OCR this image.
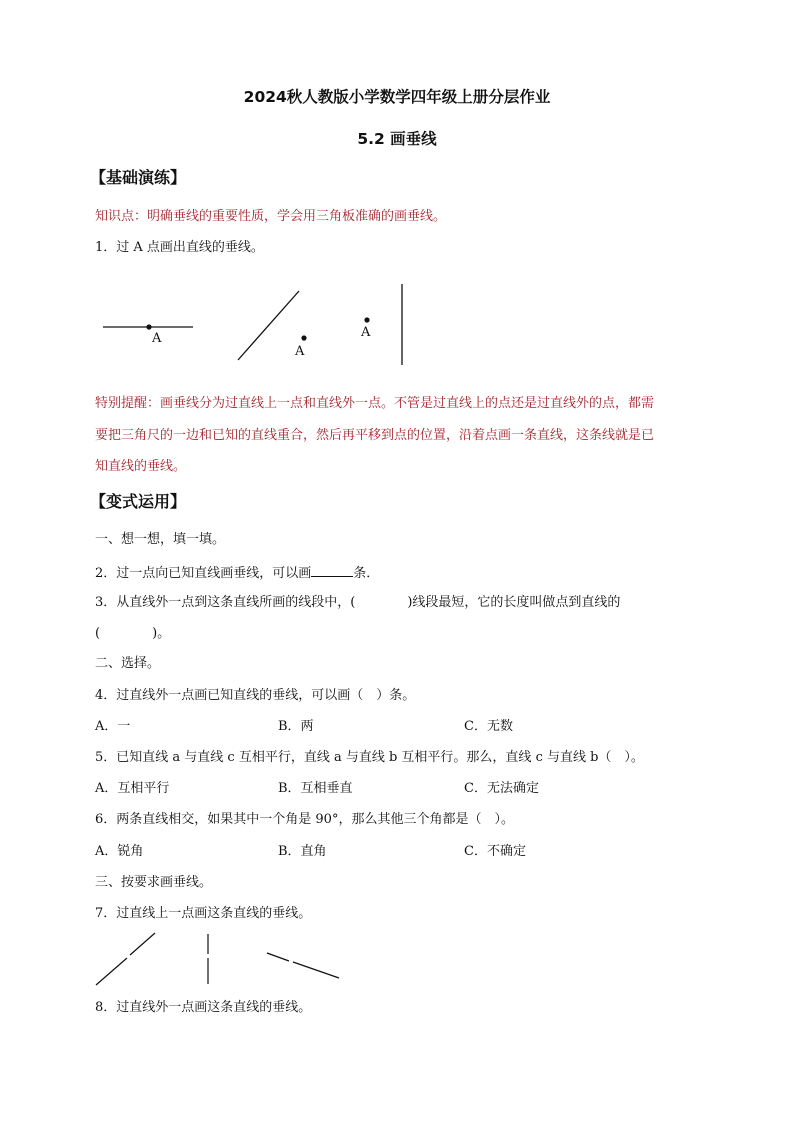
2024秋人教版小学数学四年级上册分层作业
5.2 画垂线
【基础演练】
知识点：明确垂线的重要性质，学会用三角板准确的画垂线。
1．过 A 点画出直线的垂线。
A
A
A
特别提醒：画垂线分为过直线上一点和直线外一点。不管是过直线上的点还是过直线外的点，都需
要把三角尺的一边和已知的直线重合，然后再平移到点的位置，沿着点画一条直线，这条线就是已
知直线的垂线。
【变式运用】
一、想一想，填一填。
2．过一点向已知直线画垂线，可以画	条．
3．从直线外一点到这条直线所画的线段中，(　　　　)线段最短，它的长度叫做点到直线的
(　　　　)。
二、选择。
4．过直线外一点画已知直线的垂线，可以画（　）条。
A．一	B．两	C．无数
5．已知直线 a 与直线 c 互相平行，直线 a 与直线 b 互相平行。那么，直线 c 与直线 b（　）。
A．互相平行	B．互相垂直	C．无法确定
6．两条直线相交，如果其中一个角是 90°，那么其他三个角都是（　）。
A．锐角	B．直角	C．不确定
三、按要求画垂线。
7．过直线上一点画这条直线的垂线。
8．过直线外一点画这条直线的垂线。
